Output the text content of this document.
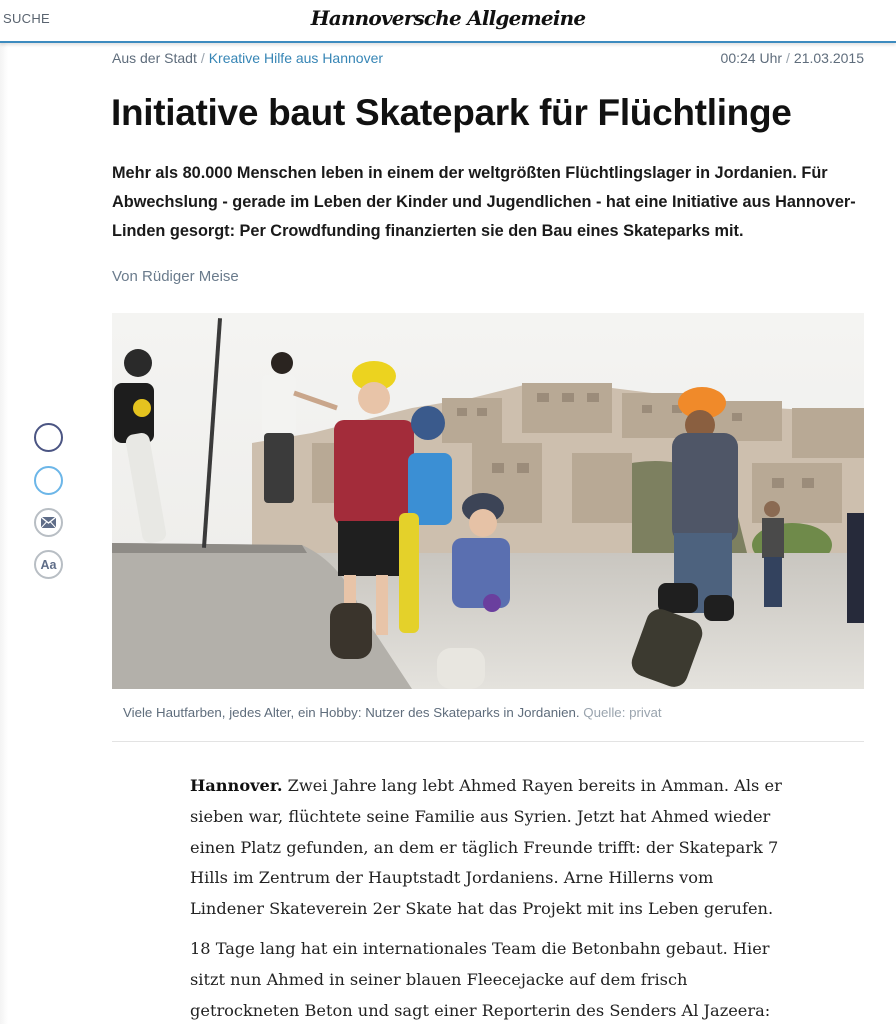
SUCHE	Hannoversche Allgemeine
Aus der Stadt / Kreative Hilfe aus Hannover	00:24 Uhr / 21.03.2015
Initiative baut Skatepark für Flüchtlinge
Mehr als 80.000 Menschen leben in einem der weltgrößten Flüchtlingslager in Jordanien. Für Abwechslung - gerade im Leben der Kinder und Jugendlichen - hat eine Initiative aus Hannover-Linden gesorgt: Per Crowdfunding finanzierten sie den Bau eines Skateparks mit.
Von Rüdiger Meise
Aa
Viele Hautfarben, jedes Alter, ein Hobby: Nutzer des Skateparks in Jordanien. Quelle: privat

Hannover. Zwei Jahre lang lebt Ahmed Rayen bereits in Amman. Als er sieben war, flüchtete seine Familie aus Syrien. Jetzt hat Ahmed wieder einen Platz gefunden, an dem er täglich Freunde trifft: der Skatepark 7 Hills im Zentrum der Hauptstadt Jordaniens. Arne Hillerns vom Lindener Skateverein 2er Skate hat das Projekt mit ins Leben gerufen.

18 Tage lang hat ein internationales Team die Betonbahn gebaut. Hier sitzt nun Ahmed in seiner blauen Fleecejacke auf dem frisch getrockneten Beton und sagt einer Reporterin des Senders Al Jazeera:
